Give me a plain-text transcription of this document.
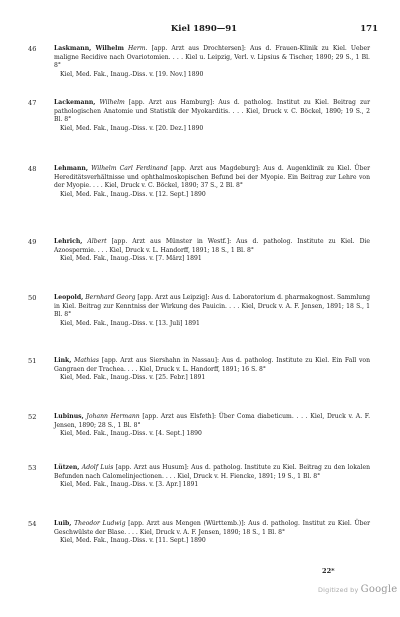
Kiel 1890—91	171
46	Laskmann, Wilhelm Herm. [app. Arzt aus Drochtersen]: Aus d. Frauen-Klinik zu Kiel. Ueber maligne Recidive nach Ovariotomien. . . . Kiel u. Leipzig, Verl. v. Lipsius & Tischer, 1890; 29 S., 1 Bl. 8°
Kiel, Med. Fak., Inaug.-Diss. v. [19. Nov.] 1890
47	Lackemann, Wilhelm [app. Arzt aus Hamburg]: Aus d. patholog. Institut zu Kiel. Beitrag zur pathologischen Anatomie und Statistik der Myokarditis. . . . Kiel, Druck v. C. Böckel, 1890; 19 S., 2 Bl. 8°
Kiel, Med. Fak., Inaug.-Diss. v. [20. Dez.] 1890
48	Lehmann, Wilhelm Carl Ferdinand [app. Arzt aus Magdeburg]: Aus d. Augenklinik zu Kiel. Über Hereditätsverhältnisse und ophthalmoskopischen Befund bei der Myopie. Ein Beitrag zur Lehre von der Myopie. . . . Kiel, Druck v. C. Böckel, 1890; 37 S., 2 Bl. 8°
Kiel, Med. Fak., Inaug.-Diss. v. [12. Sept.] 1890
49	Lehrich, Albert [app. Arzt aus Münster in Westf.]: Aus d. patholog. Institute zu Kiel. Die Azoospermie. . . . Kiel, Druck v. L. Handorff, 1891; 18 S., 1 Bl. 8°
Kiel, Med. Fak., Inaug.-Diss. v. [7. März] 1891
50	Leopold, Bernhard Georg [app. Arzt aus Leipzig]: Aus d. Laboratorium d. pharmakognost. Sammlung in Kiel. Beitrag zur Kenntniss der Wirkung des Pauicin. . . . Kiel, Druck v. A. F. Jensen, 1891; 18 S., 1 Bl. 8°
Kiel, Med. Fak., Inaug.-Diss. v. [13. Juli] 1891
51	Link, Mathias [app. Arzt aus Siershahn in Nassau]: Aus d. patholog. Institute zu Kiel. Ein Fall von Gangraen der Trachea. . . . Kiel, Druck v. L. Handorff, 1891; 16 S. 8°
Kiel, Med. Fak., Inaug.-Diss. v. [25. Febr.] 1891
52	Lubinus, Johann Hermann [app. Arzt aus Elsfeth]: Über Coma diabeticum. . . . Kiel, Druck v. A. F. Jensen, 1890; 28 S., 1 Bl. 8°
Kiel, Med. Fak., Inaug.-Diss. v. [4. Sept.] 1890
53	Lützen, Adolf Luis [app. Arzt aus Husum]: Aus d. patholog. Institute zu Kiel. Beitrag zu den lokalen Befunden nach Calomelinjectionen. . . . Kiel, Druck v. H. Fiencke, 1891; 19 S., 1 Bl. 8°
Kiel, Med. Fak., Inaug.-Diss. v. [3. Apr.] 1891
54	Luib, Theodor Ludwig [app. Arzt aus Mengen (Württemb.)]: Aus d. patholog. Institut zu Kiel. Über Geschwülste der Blase. . . . Kiel, Druck v. A. F. Jensen, 1890; 18 S., 1 Bl. 8°
Kiel, Med. Fak., Inaug.-Diss. v. [11. Sept.] 1890
22*
Digitized by Google
